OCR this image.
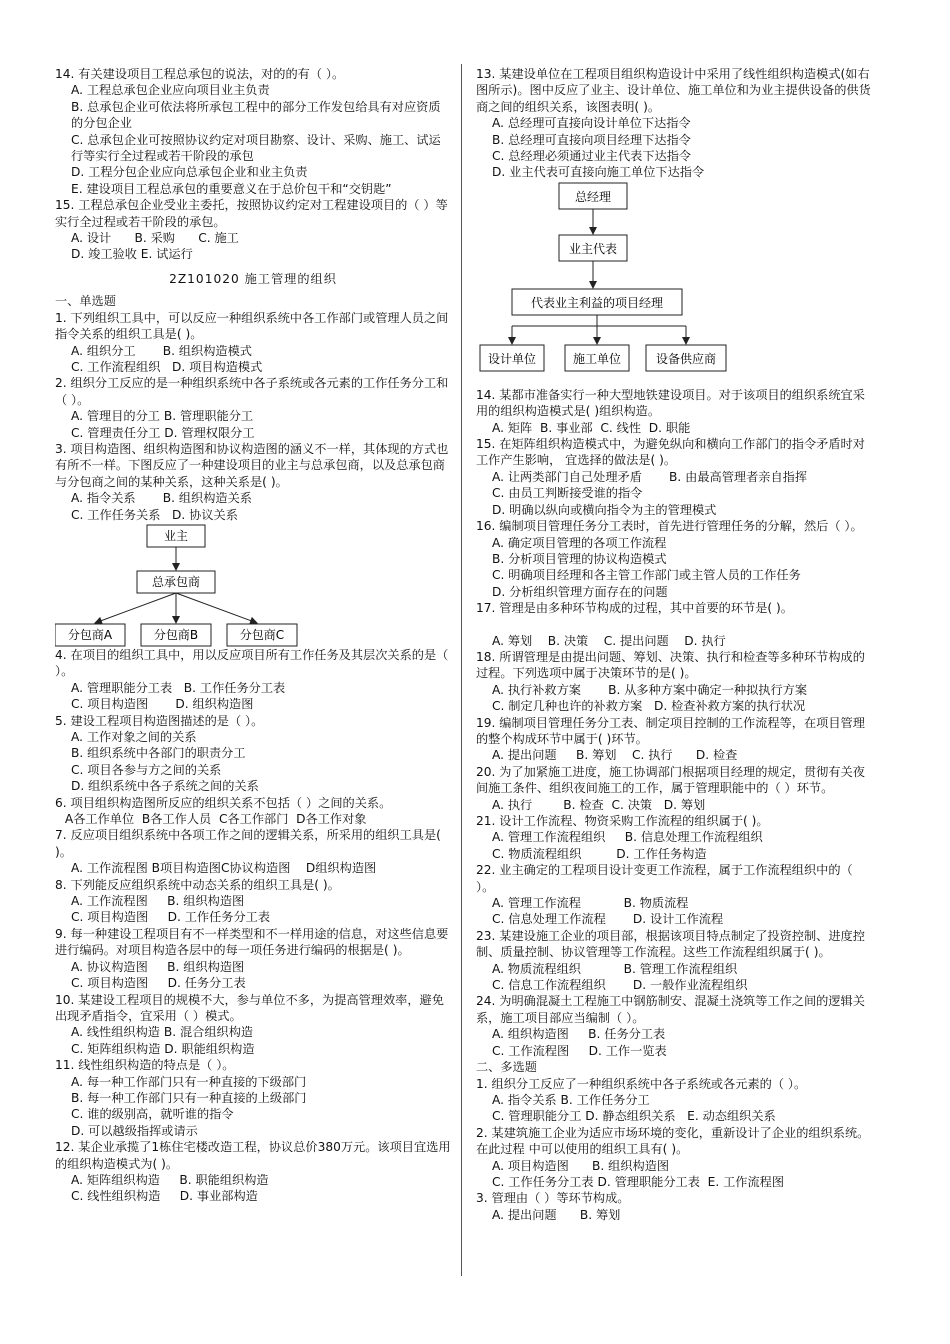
14. 有关建设项目工程总承包的说法，对的的有（ ）。

A. 工程总承包企业应向项目业主负责

B. 总承包企业可依法将所承包工程中的部分工作发包给具有对应资质的分包企业

C. 总承包企业可按照协议约定对项目勘察、设计、采购、施工、试运行等实行全过程或若干阶段的承包

D. 工程分包企业应向总承包企业和业主负责

E. 建设项目工程总承包的重要意义在于总价包干和“交钥匙”

15. 工程总承包企业受业主委托，按照协议约定对工程建设项目的（ ）等实行全过程或若干阶段的承包。

A. 设计      B. 采购      C. 施工

D. 竣工验收 E. 试运行

2Z101020 施工管理的组织

一、单选题

1. 下列组织工具中，可以反应一种组织系统中各工作部门或管理人员之间指令关系的组织工具是( )。

A. 组织分工       B. 组织构造模式

C. 工作流程组织   D. 项目构造模式

2. 组织分工反应的是一种组织系统中各子系统或各元素的工作任务分工和（ ）。

A. 管理目的分工 B. 管理职能分工

C. 管理责任分工 D. 管理权限分工

3. 项目构造图、组织构造图和协议构造图的涵义不一样，其体现的方式也有所不一样。下图反应了一种建设项目的业主与总承包商，以及总承包商与分包商之间的某种关系，这种关系是( )。

A. 指令关系       B. 组织构造关系

C. 工作任务关系   D. 协议关系

业主
总承包商
分包商A	分包商B	分包商C

4. 在项目的组织工具中，用以反应项目所有工作任务及其层次关系的是（ ）。

A. 管理职能分工表   B. 工作任务分工表

C. 项目构造图       D. 组织构造图

5. 建设工程项目构造图描述的是（ ）。

A. 工作对象之间的关系

B. 组织系统中各部门的职责分工

C. 项目各参与方之间的关系

D. 组织系统中各子系统之间的关系

6. 项目组织构造图所反应的组织关系不包括（ ）之间的关系。

A各工作单位  B各工作人员  C各工作部门  D各工作对象

7. 反应项目组织系统中各项工作之间的逻辑关系，所采用的组织工具是( )。

A. 工作流程图 B项目构造图C协议构造图    D组织构造图

8. 下列能反应组织系统中动态关系的组织工具是( )。

A. 工作流程图     B. 组织构造图

C. 项目构造图     D. 工作任务分工表

9. 每一种建设工程项目有不一样类型和不一样用途的信息，对这些信息要进行编码。对项目构造各层中的每一项任务进行编码的根据是( )。

A. 协议构造图     B. 组织构造图

C. 项目构造图     D. 任务分工表

10. 某建设工程项目的规模不大，参与单位不多，为提高管理效率，避免出现矛盾指令，宜采用（ ）模式。

A. 线性组织构造 B. 混合组织构造

C. 矩阵组织构造 D. 职能组织构造

11. 线性组织构造的特点是（ ）。

A. 每一种工作部门只有一种直接的下级部门

B. 每一种工作部门只有一种直接的上级部门

C. 谁的级别高，就听谁的指令

D. 可以越级指挥或请示

12. 某企业承揽了1栋住宅楼改造工程，协议总价380万元。该项目宜选用的组织构造模式为( )。

A. 矩阵组织构造     B. 职能组织构造

C. 线性组织构造     D. 事业部构造

13. 某建设单位在工程项目组织构造设计中采用了线性组织构造模式(如右图所示)。图中反应了业主、设计单位、施工单位和为业主提供设备的供货商之间的组织关系，该图表明( )。

A. 总经理可直接向设计单位下达指令

B. 总经理可直接向项目经理下达指令

C. 总经理必须通过业主代表下达指令

D. 业主代表可直接向施工单位下达指令

总经理
业主代表
代表业主利益的项目经理
设计单位	施工单位	设备供应商

14. 某都市准备实行一种大型地铁建设项目。对于该项目的组织系统宜采用的组织构造模式是( )组织构造。

A. 矩阵  B. 事业部  C. 线性  D. 职能

15. 在矩阵组织构造模式中，为避免纵向和横向工作部门的指令矛盾时对工作产生影响， 宜选择的做法是( )。

A. 让两类部门自己处理矛盾       B. 由最高管理者亲自指挥

C. 由员工判断接受谁的指令

D. 明确以纵向或横向指令为主的管理模式

16. 编制项目管理任务分工表时，首先进行管理任务的分解，然后（ ）。

A. 确定项目管理的各项工作流程

B. 分析项目管理的协议构造模式

C. 明确项目经理和各主管工作部门或主管人员的工作任务

D. 分析组织管理方面存在的问题

17. 管理是由多种环节构成的过程，其中首要的环节是( )。

A. 筹划    B. 决策    C. 提出问题    D. 执行

18. 所谓管理是由提出问题、筹划、决策、执行和检查等多种环节构成的过程。下列选项中属于决策环节的是( )。

A. 执行补救方案       B. 从多种方案中确定一种拟执行方案

C. 制定几种也许的补救方案   D. 检查补救方案的执行状况

19. 编制项目管理任务分工表、制定项目控制的工作流程等，在项目管理的整个构成环节中属于( )环节。

A. 提出问题     B. 筹划    C. 执行      D. 检查

20. 为了加紧施工进度，施工协调部门根据项目经理的规定，贯彻有关夜间施工条件、组织夜间施工的工作，属于管理职能中的（ ）环节。

A. 执行        B. 检查  C. 决策   D. 筹划

21. 设计工作流程、物资采购工作流程的组织属于( )。

A. 管理工作流程组织     B. 信息处理工作流程组织

C. 物质流程组织         D. 工作任务构造

22. 业主确定的工程项目设计变更工作流程，属于工作流程组织中的（ ）。

A. 管理工作流程           B. 物质流程

C. 信息处理工作流程       D. 设计工作流程

23. 某建设施工企业的项目部，根据该项目特点制定了投资控制、进度控制、质量控制、协议管理等工作流程。这些工作流程组织属于( )。

A. 物质流程组织           B. 管理工作流程组织

C. 信息工作流程组织       D. 一般作业流程组织

24. 为明确混凝土工程施工中钢筋制安、混凝土浇筑等工作之间的逻辑关系，施工项目部应当编制（ ）。

A. 组织构造图     B. 任务分工表

C. 工作流程图     D. 工作一览表

二、多选题

1. 组织分工反应了一种组织系统中各子系统或各元素的（ ）。

A. 指令关系 B. 工作任务分工

C. 管理职能分工 D. 静态组织关系   E. 动态组织关系

2. 某建筑施工企业为适应市场环境的变化，重新设计了企业的组织系统。在此过程 中可以使用的组织工具有( )。

A. 项目构造图      B. 组织构造图

C. 工作任务分工表 D. 管理职能分工表  E. 工作流程图

3. 管理由（ ）等环节构成。

A. 提出问题      B. 筹划
